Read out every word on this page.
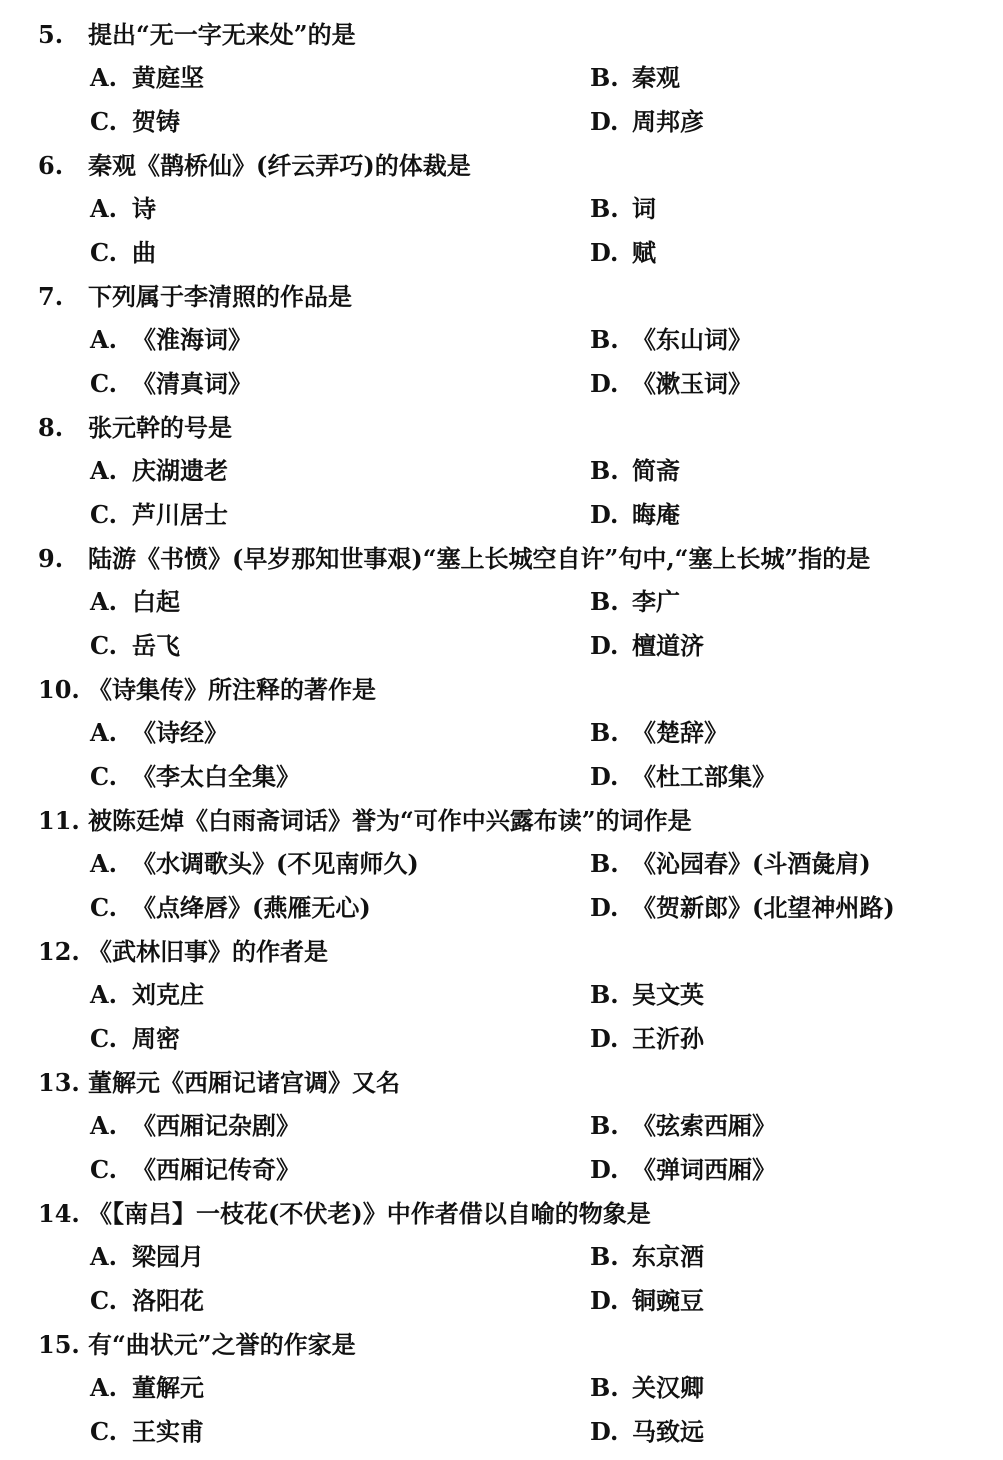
5. 提出“无一字无来处”的是
A. 黄庭坚	B. 秦观
C. 贺铸	D. 周邦彦
6. 秦观《鹊桥仙》(纤云弄巧)的体裁是
A. 诗	B. 词
C. 曲	D. 赋
7. 下列属于李清照的作品是
A. 《淮海词》	B. 《东山词》
C. 《清真词》	D. 《漱玉词》
8. 张元幹的号是
A. 庆湖遗老	B. 简斋
C. 芦川居士	D. 晦庵
9. 陆游《书愤》(早岁那知世事艰)“塞上长城空自许”句中,“塞上长城”指的是
A. 白起	B. 李广
C. 岳飞	D. 檀道济
10. 《诗集传》所注释的著作是
A. 《诗经》	B. 《楚辞》
C. 《李太白全集》	D. 《杜工部集》
11. 被陈廷焯《白雨斋词话》誉为“可作中兴露布读”的词作是
A. 《水调歌头》(不见南师久)	B. 《沁园春》(斗酒彘肩)
C. 《点绛唇》(燕雁无心)	D. 《贺新郎》(北望神州路)
12. 《武林旧事》的作者是
A. 刘克庄	B. 吴文英
C. 周密	D. 王沂孙
13. 董解元《西厢记诸宫调》又名
A. 《西厢记杂剧》	B. 《弦索西厢》
C. 《西厢记传奇》	D. 《弹词西厢》
14. 《【南吕】一枝花(不伏老)》中作者借以自喻的物象是
A. 梁园月	B. 东京酒
C. 洛阳花	D. 铜豌豆
15. 有“曲状元”之誉的作家是
A. 董解元	B. 关汉卿
C. 王实甫	D. 马致远
